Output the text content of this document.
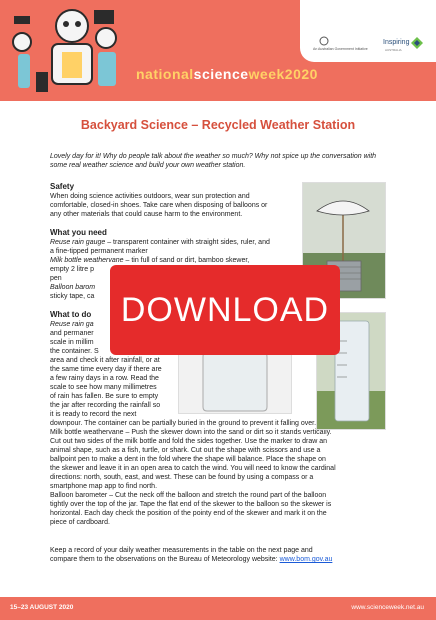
An Australian Government Initiative
Inspiring
AUSTRALIA
nationalscienceweek2020
Backyard Science – Recycled Weather Station
Lovely day for it! Why do people talk about the weather so much? Why not spice up the conversation with some real weather science and build your own weather station.
Safety
When doing science activities outdoors, wear sun protection and comfortable, closed-in shoes. Take care when disposing of balloons or any other materials that could cause harm to the environment.
What you need
Reuse rain gauge – transparent container with straight sides, ruler, and a fine-tipped permanent marker
Milk bottle weathervane – tin full of sand or dirt, bamboo skewer,
empty 2 litre p
pen
Balloon barom
sticky tape, ca
What to do
Reuse rain ga
and permaner
scale in millim
the container. S
area and check it after rainfall, or at
the same time every day if there are
a few rainy days in a row. Read the
scale to see how many millimetres
of rain has fallen. Be sure to empty
the jar after recording the rainfall so
it is ready to record the next
downpour. The container can be partially buried in the ground to prevent it falling over.
Milk bottle weathervane – Push the skewer down into the sand or dirt so it stands vertically.
Cut out two sides of the milk bottle and fold the sides together. Use the marker to draw an
animal shape, such as a fish, turtle, or shark. Cut out the shape with scissors and use a
ballpoint pen to make a dent in the fold where the shape will balance. Place the shape on
the skewer and leave it in an open area to catch the wind. You will need to know the cardinal
directions: north, south, east, and west. These can be found by using a compass or a
smartphone map app to find north.
Balloon barometer – Cut the neck off the balloon and stretch the round part of the balloon
tightly over the top of the jar. Tape the flat end of the skewer to the balloon so the skewer is
horizontal. Each day check the position of the pointy end of the skewer and mark it on the
piece of cardboard.
Keep a record of your daily weather measurements in the table on the next page and
compare them to the observations on the Bureau of Meteorology website: www.bom.gov.au
DOWNLOAD
15–23 AUGUST 2020	www.scienceweek.net.au
